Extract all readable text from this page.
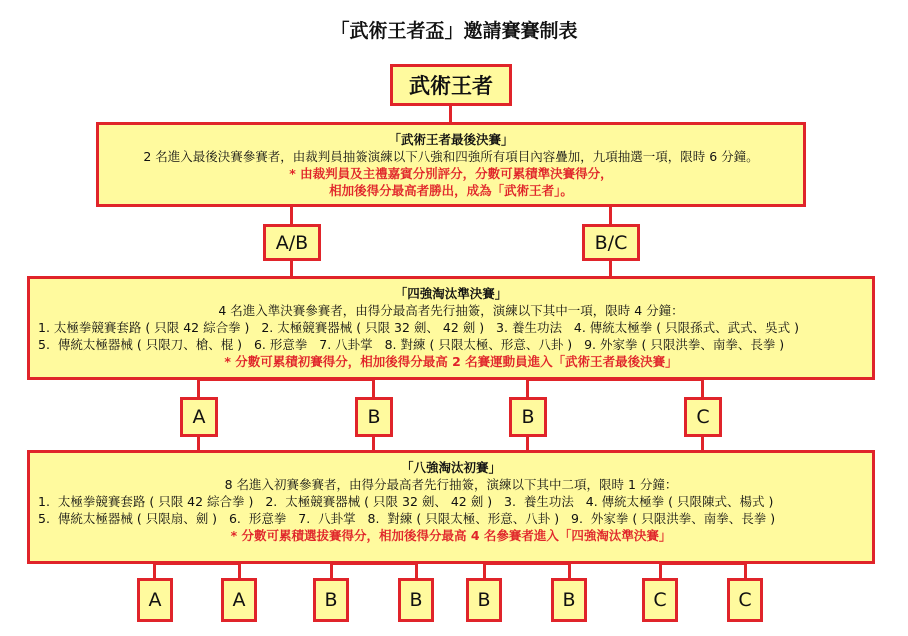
「武術王者盃」邀請賽賽制表
武術王者
「武術王者最後決賽」
2 名進入最後決賽參賽者，由裁判員抽簽演練以下八強和四強所有項目內容疊加，九項抽選一項，限時 6 分鐘。
* 由裁判員及主禮嘉賓分別評分，分數可累積準決賽得分，
相加後得分最高者勝出，成為「武術王者」。
A/B	B/C
「四強淘汰準決賽」
4 名進入準決賽參賽者，由得分最高者先行抽簽，演練以下其中一項，限時 4 分鐘：
1. 太極拳競賽套路 ( 只限 42 綜合拳 )   2. 太極競賽器械 ( 只限 32 劍、 42 劍 )   3. 養生功法   4. 傳統太極拳 ( 只限孫式、武式、吳式 )
5.  傳統太極器械 ( 只限刀、槍、棍 )   6. 形意拳   7. 八卦掌   8. 對練 ( 只限太極、形意、八卦 )   9. 外家拳 ( 只限洪拳、南拳、長拳 )
* 分數可累積初賽得分，相加後得分最高 2 名賽運動員進入「武術王者最後決賽」
A	B	B	C
「八強淘汰初賽」
8 名進入初賽參賽者，由得分最高者先行抽簽，演練以下其中二項，限時 1 分鐘：
1.  太極拳競賽套路 ( 只限 42 綜合拳 )   2.  太極競賽器械 ( 只限 32 劍、 42 劍 )   3.  養生功法   4. 傳統太極拳 ( 只限陳式、楊式 )
5.  傳統太極器械 ( 只限扇、劍 )   6.  形意拳   7.  八卦掌   8.  對練 ( 只限太極、形意、八卦 )   9.  外家拳 ( 只限洪拳、南拳、長拳 )
* 分數可累積選拔賽得分，相加後得分最高 4 名參賽者進入「四強淘汰準決賽」
A	A	B	B	B	B	C	C
